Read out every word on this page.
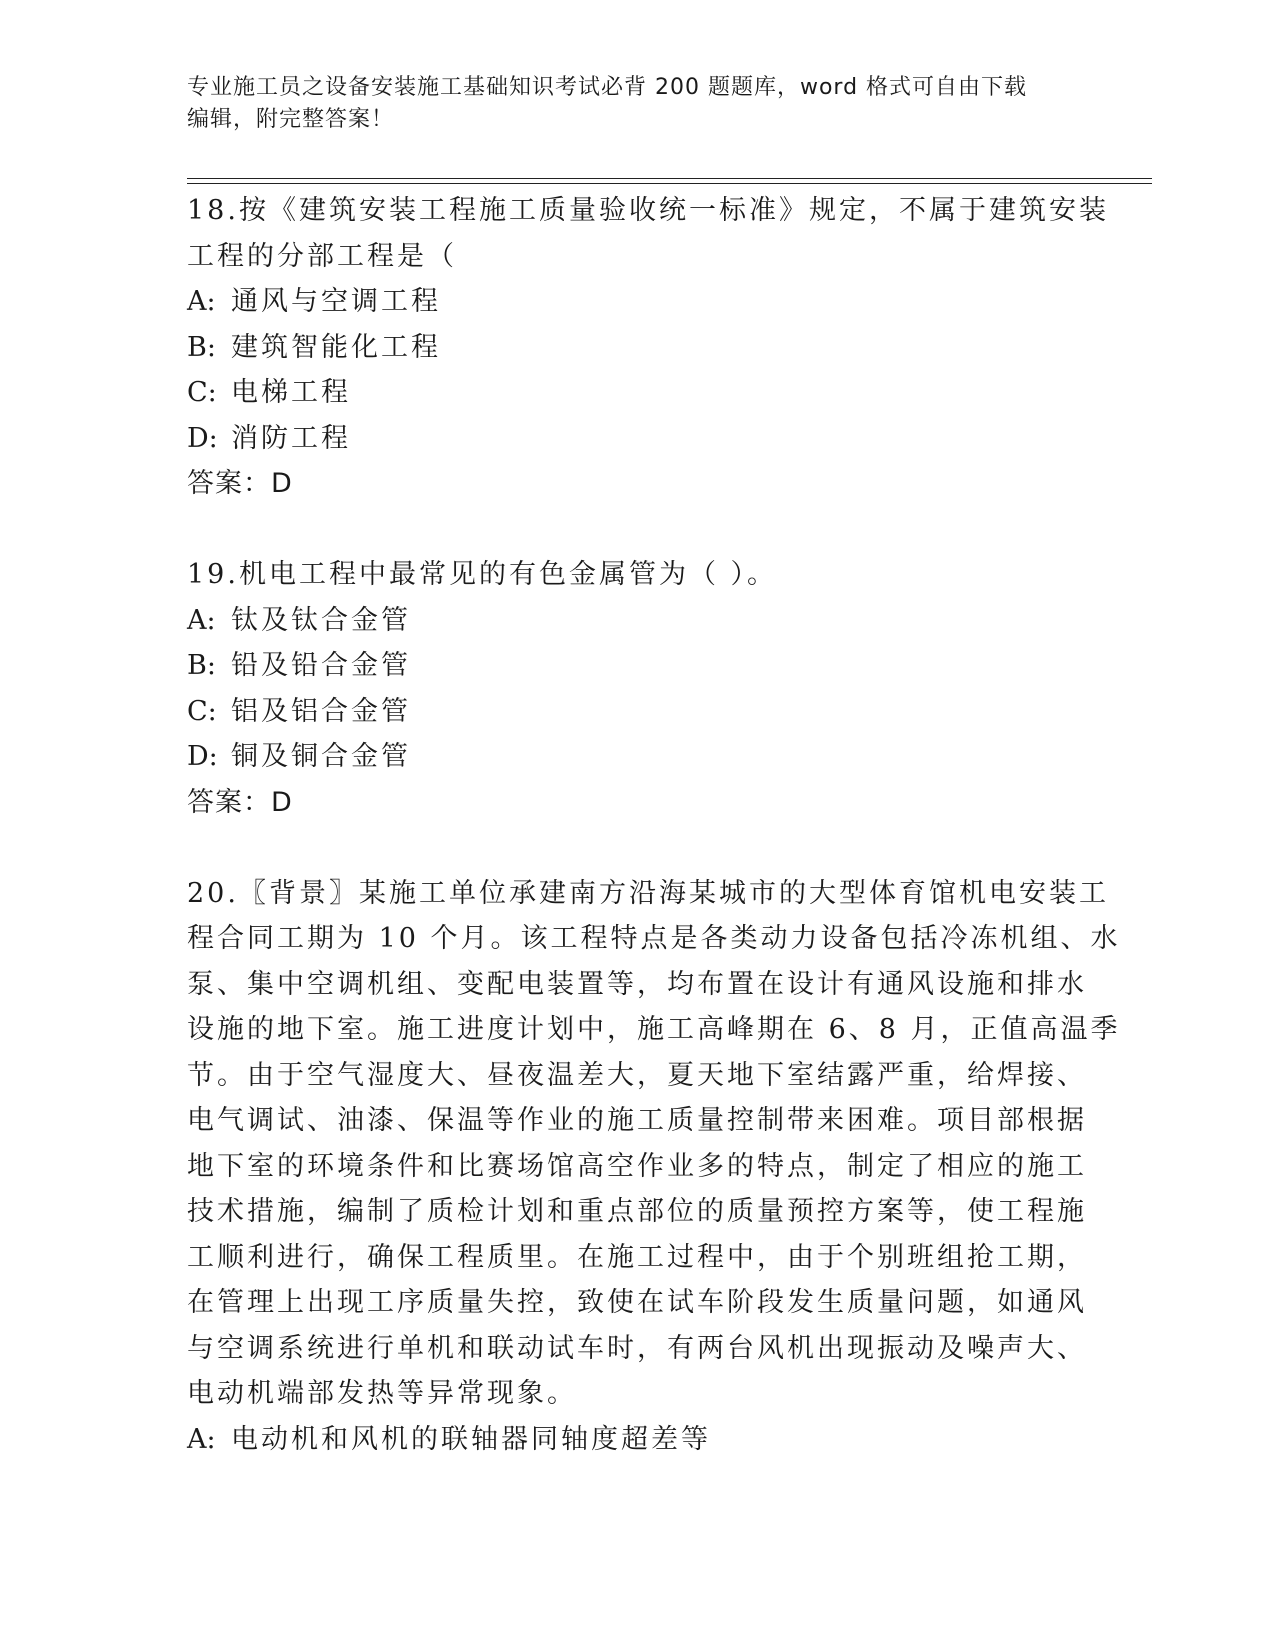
专业施工员之设备安装施工基础知识考试必背 200 题题库，word 格式可自由下载
编辑，附完整答案！
18.按《建筑安装工程施工质量验收统一标准》规定，不属于建筑安装
工程的分部工程是（
A: 通风与空调工程
B: 建筑智能化工程
C: 电梯工程
D: 消防工程
答案：D
19.机电工程中最常见的有色金属管为（ ）。
A: 钛及钛合金管
B: 铅及铅合金管
C: 铝及铝合金管
D: 铜及铜合金管
答案：D
20.〖背景〗某施工单位承建南方沿海某城市的大型体育馆机电安装工
程合同工期为 10 个月。该工程特点是各类动力设备包括冷冻机组、水
泵、集中空调机组、变配电装置等，均布置在设计有通风设施和排水
设施的地下室。施工进度计划中，施工高峰期在 6、8 月，正值高温季
节。由于空气湿度大、昼夜温差大，夏天地下室结露严重，给焊接、
电气调试、油漆、保温等作业的施工质量控制带来困难。项目部根据
地下室的环境条件和比赛场馆高空作业多的特点，制定了相应的施工
技术措施，编制了质检计划和重点部位的质量预控方案等，使工程施
工顺利进行，确保工程质里。在施工过程中，由于个别班组抢工期，
在管理上出现工序质量失控，致使在试车阶段发生质量问题，如通风
与空调系统进行单机和联动试车时，有两台风机出现振动及噪声大、
电动机端部发热等异常现象。
A: 电动机和风机的联轴器同轴度超差等
